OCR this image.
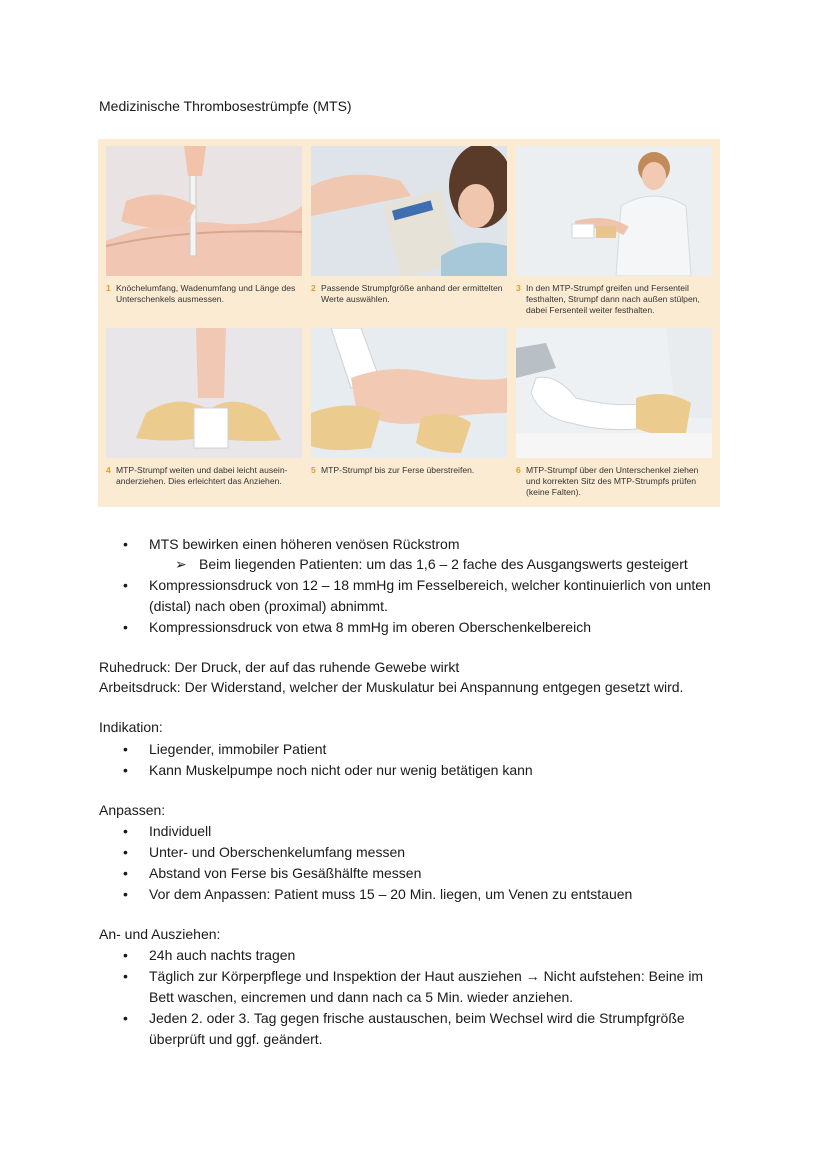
Medizinische Thrombosestrümpfe (MTS)
1 Knöchelumfang, Wadenumfang und Länge des Unterschenkels ausmessen.
2 Passende Strumpfgröße anhand der ermittelten Werte auswählen.
3 In den MTP-Strumpf greifen und Fersenteil festhalten, Strumpf dann nach außen stülpen, dabei Fersenteil weiter festhalten.
4 MTP-Strumpf weiten und dabei leicht ausein-anderziehen. Dies erleichtert das Anziehen.
5 MTP-Strumpf bis zur Ferse überstreifen.	6 MTP-Strumpf über den Unterschenkel ziehen und korrekten Sitz des MTP-Strumpfs prüfen (keine Falten).
•	MTS bewirken einen höheren venösen Rückstrom
➢ Beim liegenden Patienten: um das 1,6 – 2 fache des Ausgangswerts gesteigert
•	Kompressionsdruck von 12 – 18 mmHg im Fesselbereich, welcher kontinuierlich von unten
(distal) nach oben (proximal) abnimmt.
•	Kompressionsdruck von etwa 8 mmHg im oberen Oberschenkelbereich
Ruhedruck: Der Druck, der auf das ruhende Gewebe wirkt
Arbeitsdruck: Der Widerstand, welcher der Muskulatur bei Anspannung entgegen gesetzt wird.
Indikation:
•	Liegender, immobiler Patient
•	Kann Muskelpumpe noch nicht oder nur wenig betätigen kann
Anpassen:
•	Individuell
•	Unter- und Oberschenkelumfang messen
•	Abstand von Ferse bis Gesäßhälfte messen
•	Vor dem Anpassen: Patient muss 15 – 20 Min. liegen, um Venen zu entstauen
An- und Ausziehen:
•	24h auch nachts tragen
•	Täglich zur Körperpflege und Inspektion der Haut ausziehen → Nicht aufstehen: Beine im
Bett waschen, eincremen und dann nach ca 5 Min. wieder anziehen.
•	Jeden 2. oder 3. Tag gegen frische austauschen, beim Wechsel wird die Strumpfgröße
überprüft und ggf. geändert.
